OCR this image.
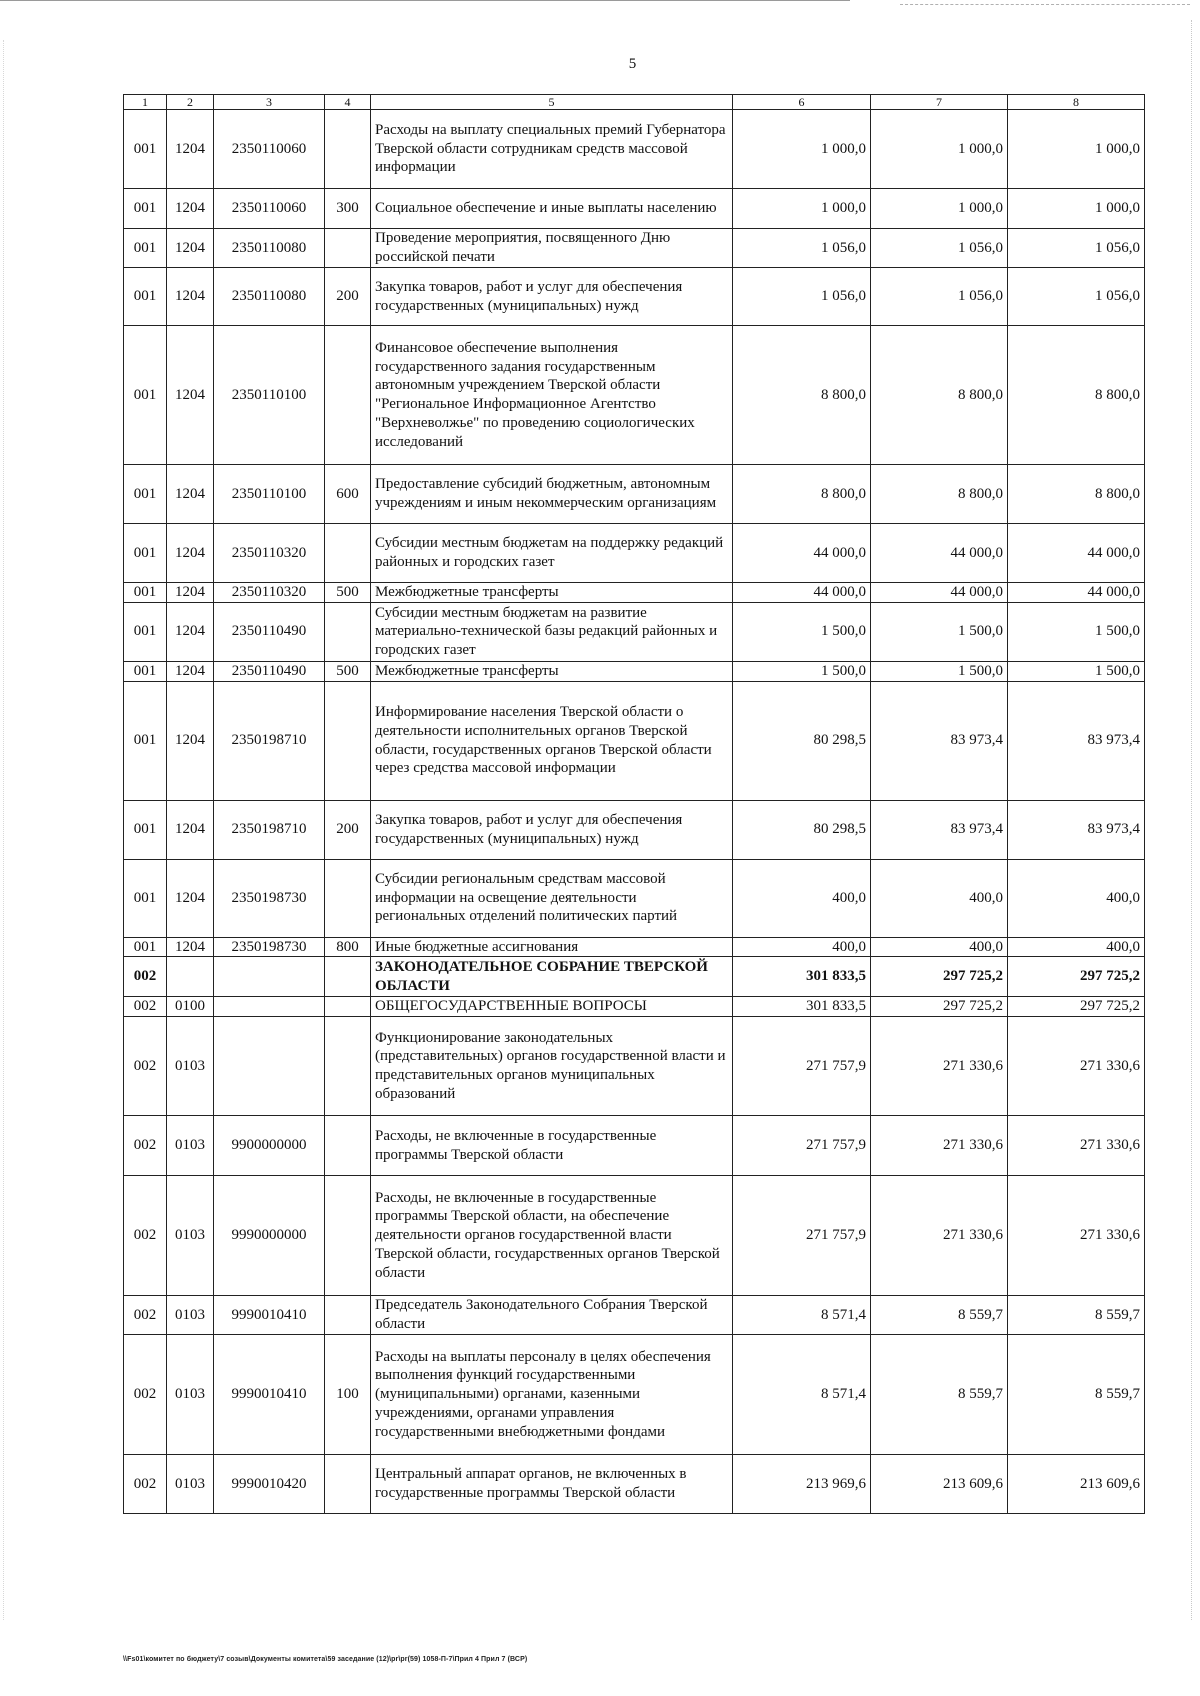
5
1	2	3	4	5	6	7	8
001	1204	2350110060		Расходы на выплату специальных премий Губернатора Тверской области сотрудникам средств массовой информации	1 000,0	1 000,0	1 000,0
001	1204	2350110060	300	Социальное обеспечение и иные выплаты населению	1 000,0	1 000,0	1 000,0
001	1204	2350110080		Проведение мероприятия, посвященного Дню российской печати	1 056,0	1 056,0	1 056,0
001	1204	2350110080	200	Закупка товаров, работ и услуг для обеспечения государственных (муниципальных) нужд	1 056,0	1 056,0	1 056,0
001	1204	2350110100		Финансовое обеспечение выполнения государственного задания государственным автономным учреждением Тверской области "Региональное Информационное Агентство "Верхневолжье" по проведению социологических исследований	8 800,0	8 800,0	8 800,0
001	1204	2350110100	600	Предоставление субсидий бюджетным, автономным учреждениям и иным некоммерческим организациям	8 800,0	8 800,0	8 800,0
001	1204	2350110320		Субсидии местным бюджетам на поддержку редакций районных и городских газет	44 000,0	44 000,0	44 000,0
001	1204	2350110320	500	Межбюджетные трансферты	44 000,0	44 000,0	44 000,0
001	1204	2350110490		Субсидии местным бюджетам на развитие материально-технической базы редакций районных и городских газет	1 500,0	1 500,0	1 500,0
001	1204	2350110490	500	Межбюджетные трансферты	1 500,0	1 500,0	1 500,0
001	1204	2350198710		Информирование населения Тверской области о деятельности исполнительных органов Тверской области, государственных органов Тверской области через средства массовой информации	80 298,5	83 973,4	83 973,4
001	1204	2350198710	200	Закупка товаров, работ и услуг для обеспечения государственных (муниципальных) нужд	80 298,5	83 973,4	83 973,4
001	1204	2350198730		Субсидии региональным средствам массовой информации на освещение деятельности региональных отделений политических партий	400,0	400,0	400,0
001	1204	2350198730	800	Иные бюджетные ассигнования	400,0	400,0	400,0
002				ЗАКОНОДАТЕЛЬНОЕ СОБРАНИЕ ТВЕРСКОЙ ОБЛАСТИ	301 833,5	297 725,2	297 725,2
002	0100			ОБЩЕГОСУДАРСТВЕННЫЕ ВОПРОСЫ	301 833,5	297 725,2	297 725,2
002	0103			Функционирование законодательных (представительных) органов государственной власти и представительных органов муниципальных образований	271 757,9	271 330,6	271 330,6
002	0103	9900000000		Расходы, не включенные в государственные программы Тверской области	271 757,9	271 330,6	271 330,6
002	0103	9990000000		Расходы, не включенные в государственные программы Тверской области, на обеспечение деятельности органов государственной власти Тверской области, государственных органов Тверской области	271 757,9	271 330,6	271 330,6
002	0103	9990010410		Председатель Законодательного Собрания Тверской области	8 571,4	8 559,7	8 559,7
002	0103	9990010410	100	Расходы на выплаты персоналу в целях обеспечения выполнения функций государственными (муниципальными) органами, казенными учреждениями, органами управления государственными внебюджетными фондами	8 571,4	8 559,7	8 559,7
002	0103	9990010420		Центральный аппарат органов, не включенных в государственные программы Тверской области	213 969,6	213 609,6	213 609,6
\\Fs01\комитет по бюджету\7 созыв\Документы комитета\59 заседание (12)\pr\pr(59) 1058-П-7\Прил 4 Прил 7 (ВСР)
